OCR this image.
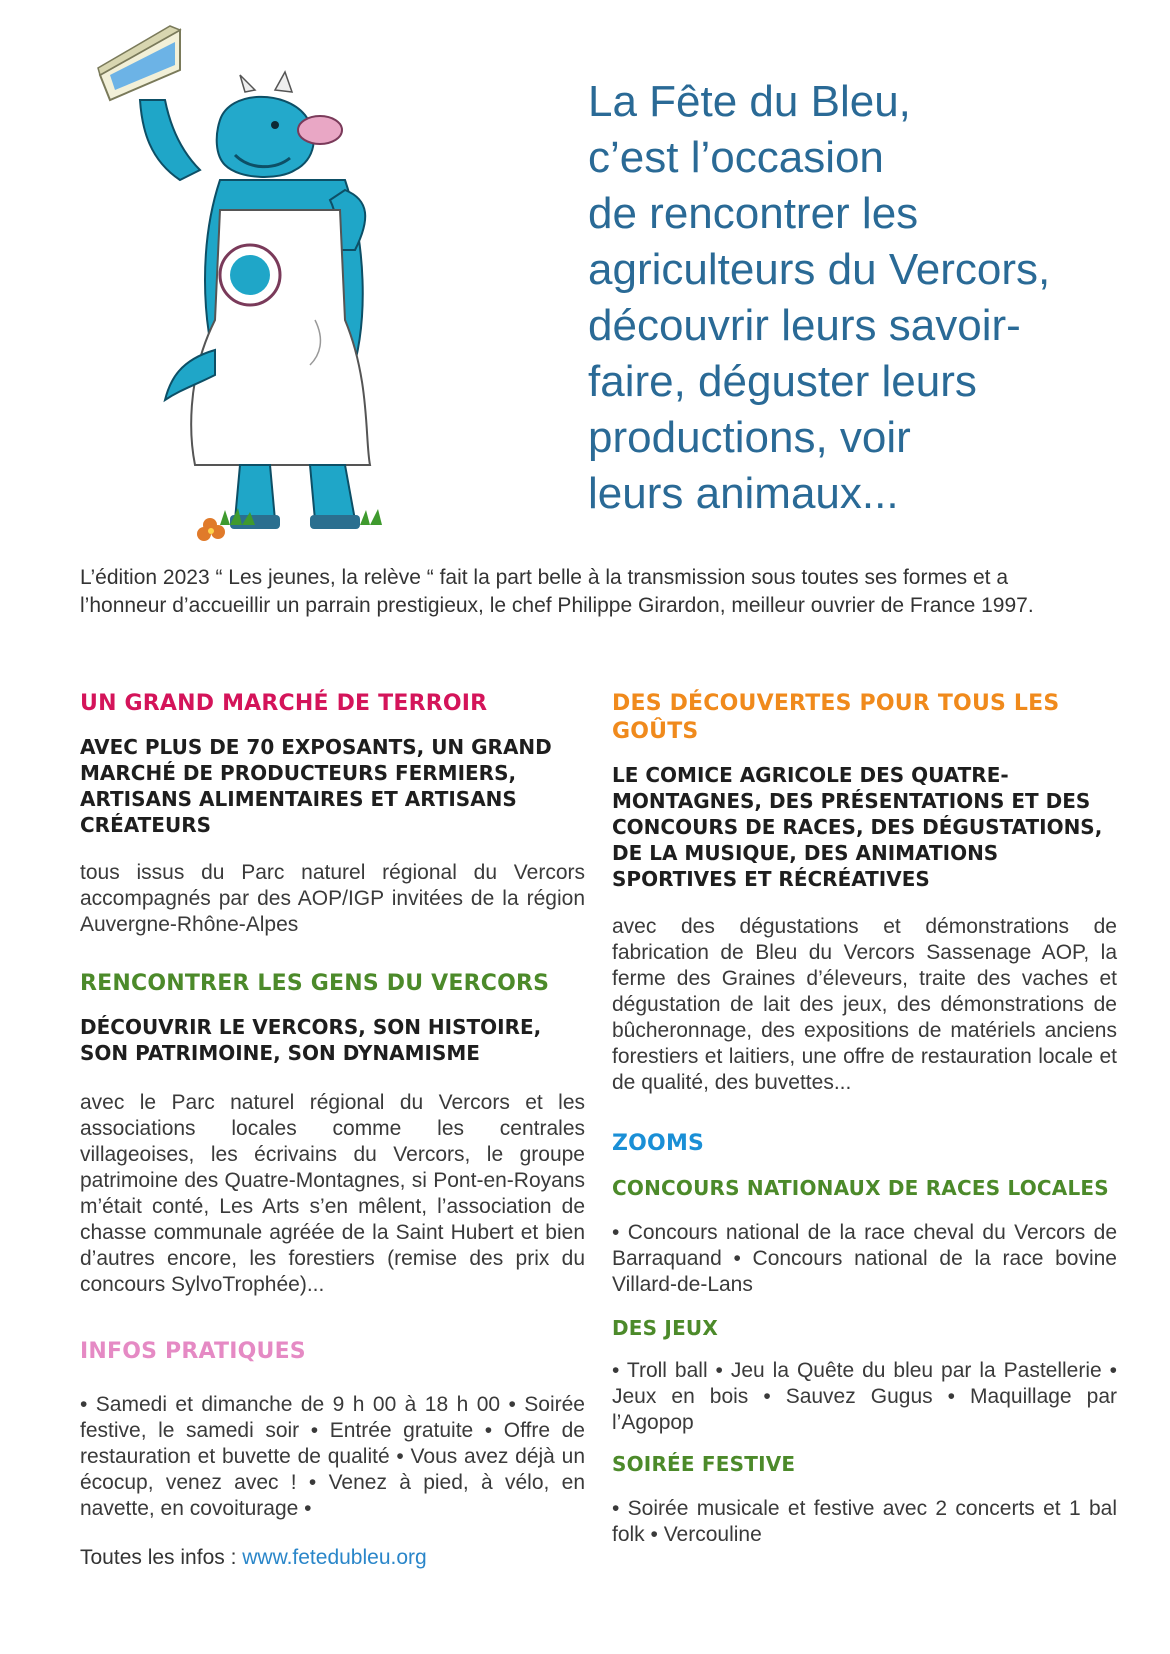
La Fête du Bleu,
c’est l’occasion
de rencontrer les
agriculteurs du Vercors,
découvrir leurs savoir-
faire, déguster leurs
productions, voir
leurs animaux...

L’édition 2023 “ Les jeunes, la relève “ fait la part belle à la transmission sous toutes ses formes et a
l’honneur d’accueillir un parrain prestigieux, le chef Philippe Girardon, meilleur ouvrier de France 1997.

UN GRAND MARCHÉ DE TERROIR

AVEC PLUS DE 70 EXPOSANTS, UN GRAND MARCHÉ DE PRODUCTEURS FERMIERS, ARTISANS ALIMENTAIRES ET ARTISANS CRÉATEURS

tous issus du Parc naturel régional du Vercors accompagnés par des AOP/IGP invitées de la région Auvergne-Rhône-Alpes

RENCONTRER LES GENS DU VERCORS

DÉCOUVRIR LE VERCORS, SON HISTOIRE, SON PATRIMOINE, SON DYNAMISME

avec le Parc naturel régional du Vercors et les associations locales comme les centrales villageoises, les écrivains du Vercors, le groupe patrimoine des Quatre-Montagnes, si Pont-en-Royans m’était conté, Les Arts s’en mêlent, l’association de chasse communale agréée de la Saint Hubert et bien d’autres encore, les forestiers (remise des prix du concours SylvoTrophée)...

INFOS PRATIQUES

• Samedi et dimanche de 9 h 00 à 18 h 00 • Soirée festive, le samedi soir • Entrée gratuite • Offre de restauration et buvette de qualité • Vous avez déjà un écocup, venez avec ! • Venez à pied, à vélo, en navette, en covoiturage •

DES DÉCOUVERTES POUR TOUS LES GOÛTS

LE COMICE AGRICOLE DES QUATRE-MONTAGNES, DES PRÉSENTATIONS ET DES CONCOURS DE RACES, DES DÉGUSTATIONS, DE LA MUSIQUE, DES ANIMATIONS SPORTIVES ET RÉCRÉATIVES

avec des dégustations et démonstrations de fabrication de Bleu du Vercors Sassenage AOP, la ferme des Graines d’éleveurs, traite des vaches et dégustation de lait des jeux, des démonstrations de bûcheronnage, des expositions de matériels anciens forestiers et laitiers, une offre de restauration locale et de qualité, des buvettes...

ZOOMS
CONCOURS NATIONAUX DE RACES LOCALES

• Concours national de la race cheval du Vercors de Barraquand • Concours national de la race bovine Villard-de-Lans

DES JEUX

• Troll ball • Jeu la Quête du bleu par la Pastellerie • Jeux en bois • Sauvez Gugus • Maquillage par l’Agopop

SOIRÉE FESTIVE

• Soirée musicale et festive avec 2 concerts et 1 bal folk • Vercouline

Toutes les infos : www.fetedubleu.org
